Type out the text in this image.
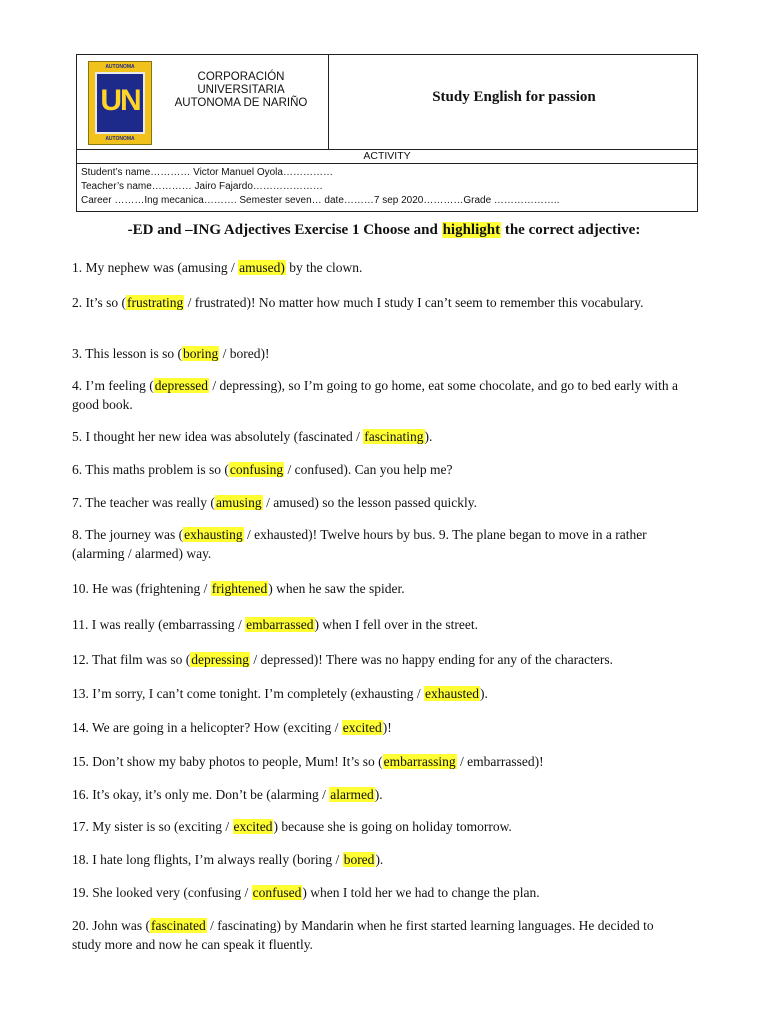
AUTONOMA
UN
AUTONOMA
CORPORACIÓN
UNIVERSITARIA
AUTONOMA DE NARIÑO	Study English for passion
ACTIVITY
Student’s name………… Victor Manuel Oyola……………
Teacher’s name………… Jairo Fajardo…………………
Career ………Ing mecanica………. Semester seven… date………7 sep 2020…………Grade ………………..
-ED and –ING Adjectives Exercise 1 Choose and highlight the correct adjective:
1. My nephew was (amusing / amused) by the clown.
2. It’s so (frustrating / frustrated)! No matter how much I study I can’t seem to remember this vocabulary.
3. This lesson is so (boring / bored)!
4. I’m feeling (depressed / depressing), so I’m going to go home, eat some chocolate, and go to bed early with a good book.
5. I thought her new idea was absolutely (fascinated / fascinating).
6. This maths problem is so (confusing / confused). Can you help me?
7. The teacher was really (amusing / amused) so the lesson passed quickly.
8. The journey was (exhausting / exhausted)! Twelve hours by bus. 9. The plane began to move in a rather (alarming / alarmed) way.
10. He was (frightening / frightened) when he saw the spider.
11. I was really (embarrassing / embarrassed) when I fell over in the street.
12. That film was so (depressing / depressed)! There was no happy ending for any of the characters.
13. I’m sorry, I can’t come tonight. I’m completely (exhausting / exhausted).
14. We are going in a helicopter? How (exciting / excited)!
15. Don’t show my baby photos to people, Mum! It’s so (embarrassing / embarrassed)!
16. It’s okay, it’s only me. Don’t be (alarming / alarmed).
17. My sister is so (exciting / excited) because she is going on holiday tomorrow.
18. I hate long flights, I’m always really (boring / bored).
19. She looked very (confusing / confused) when I told her we had to change the plan.
20. John was (fascinated / fascinating) by Mandarin when he first started learning languages. He decided to study more and now he can speak it fluently.
